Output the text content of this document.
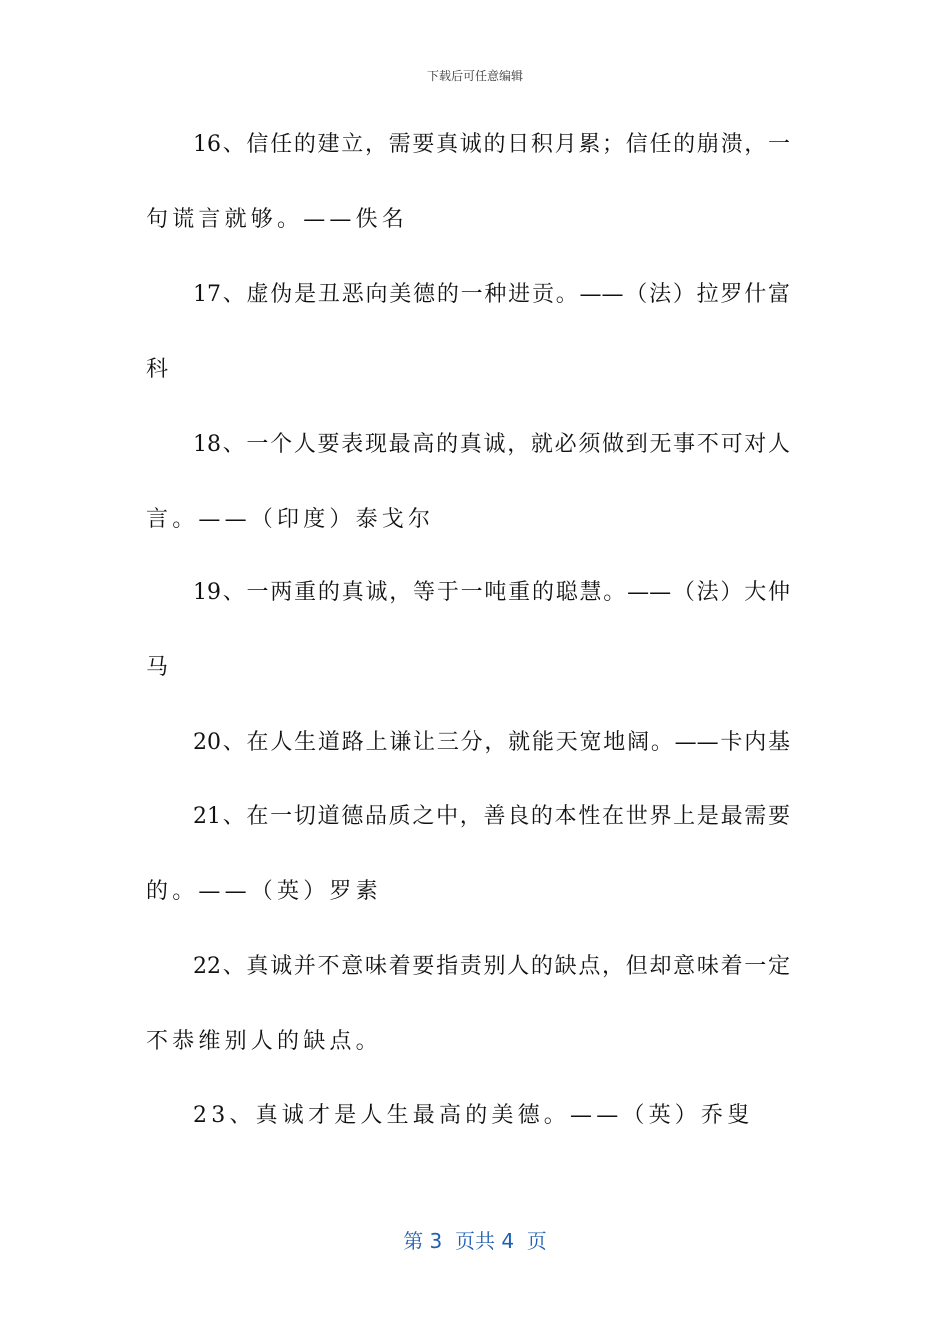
下载后可任意编辑
16、信任的建立，需要真诚的日积月累；信任的崩溃，一
句谎言就够。——佚名
17、虚伪是丑恶向美德的一种进贡。——（法）拉罗什富
科
18、一个人要表现最高的真诚，就必须做到无事不可对人
言。——（印度）泰戈尔
19、一两重的真诚，等于一吨重的聪慧。——（法）大仲
马
20、在人生道路上谦让三分，就能天宽地阔。——卡内基
21、在一切道德品质之中，善良的本性在世界上是最需要
的。——（英）罗素
22、真诚并不意味着要指责别人的缺点，但却意味着一定
不恭维别人的缺点。
23、真诚才是人生最高的美德。——（英）乔叟
第 3  页共 4  页
